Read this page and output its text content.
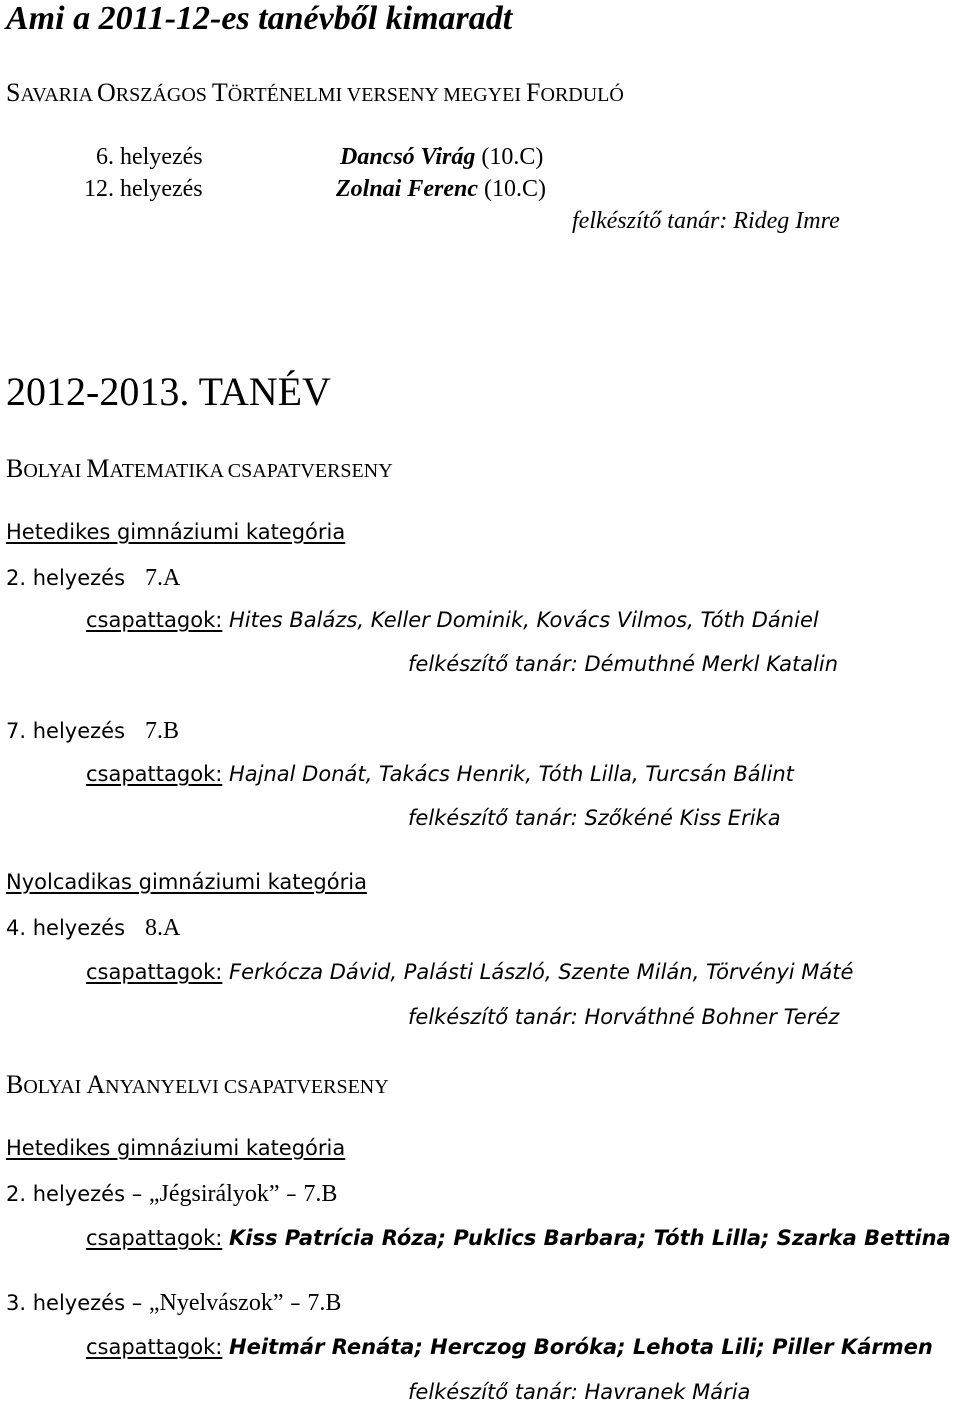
Ami a 2011-12-es tanévből kimaradt
SAVARIA ORSZÁGOS TÖRTÉNELMI VERSENY MEGYEI FORDULÓ
6. helyezés	Dancsó Virág (10.C)
12. helyezés	Zolnai Ferenc (10.C)
felkészítő tanár: Rideg Imre
2012-2013. TANÉV
BOLYAI MATEMATIKA CSAPATVERSENY
Hetedikes gimnáziumi kategória
2. helyezés 7.A
csapattagok: Hites Balázs, Keller Dominik, Kovács Vilmos, Tóth Dániel
felkészítő tanár: Démuthné Merkl Katalin
7. helyezés 7.B
csapattagok: Hajnal Donát, Takács Henrik, Tóth Lilla, Turcsán Bálint
felkészítő tanár: Szőkéné Kiss Erika
Nyolcadikas gimnáziumi kategória
4. helyezés 8.A
csapattagok: Ferkócza Dávid, Palásti László, Szente Milán, Törvényi Máté
felkészítő tanár: Horváthné Bohner Teréz
BOLYAI ANYANYELVI CSAPATVERSENY
Hetedikes gimnáziumi kategória
2. helyezés – „Jégsirályok” – 7.B
csapattagok: Kiss Patrícia Róza; Puklics Barbara; Tóth Lilla; Szarka Bettina
3. helyezés – „Nyelvászok” – 7.B
csapattagok: Heitmár Renáta; Herczog Boróka; Lehota Lili; Piller Kármen
felkészítő tanár: Havranek Mária
